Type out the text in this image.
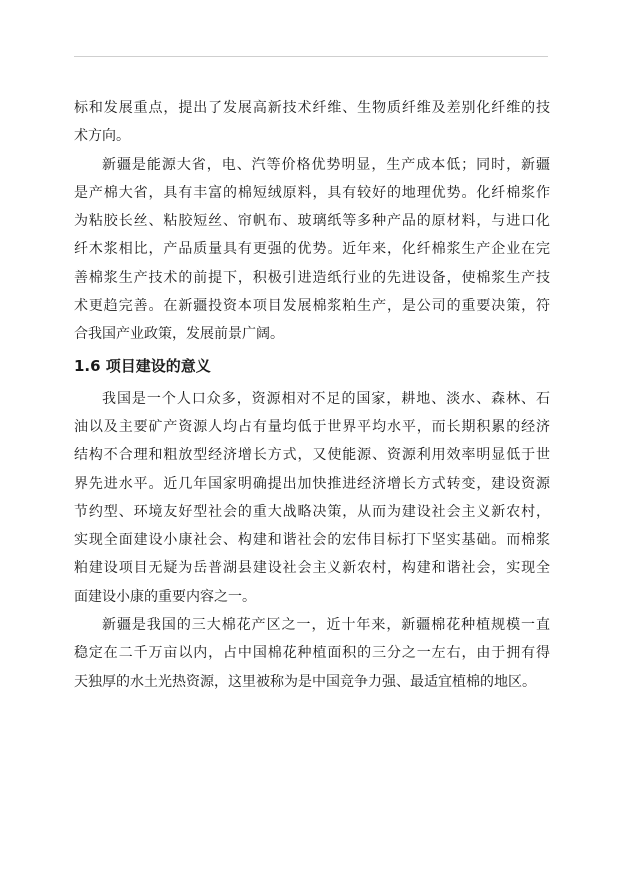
标和发展重点，提出了发展高新技术纤维、生物质纤维及差别化纤维的技
术方向。
新疆是能源大省，电、汽等价格优势明显，生产成本低；同时，新疆
是产棉大省，具有丰富的棉短绒原料，具有较好的地理优势。化纤棉浆作
为粘胶长丝、粘胶短丝、帘帆布、玻璃纸等多种产品的原材料，与进口化
纤木浆相比，产品质量具有更强的优势。近年来，化纤棉浆生产企业在完
善棉浆生产技术的前提下，积极引进造纸行业的先进设备，使棉浆生产技
术更趋完善。在新疆投资本项目发展棉浆粕生产，是公司的重要决策，符
合我国产业政策，发展前景广阔。
1.6 项目建设的意义
我国是一个人口众多，资源相对不足的国家，耕地、淡水、森林、石
油以及主要矿产资源人均占有量均低于世界平均水平，而长期积累的经济
结构不合理和粗放型经济增长方式，又使能源、资源利用效率明显低于世
界先进水平。近几年国家明确提出加快推进经济增长方式转变，建设资源
节约型、环境友好型社会的重大战略决策，从而为建设社会主义新农村，
实现全面建设小康社会、构建和谐社会的宏伟目标打下坚实基础。而棉浆
粕建设项目无疑为岳普湖县建设社会主义新农村，构建和谐社会，实现全
面建设小康的重要内容之一。
新疆是我国的三大棉花产区之一，近十年来，新疆棉花种植规模一直
稳定在二千万亩以内，占中国棉花种植面积的三分之一左右，由于拥有得
天独厚的水土光热资源，这里被称为是中国竞争力强、最适宜植棉的地区。
